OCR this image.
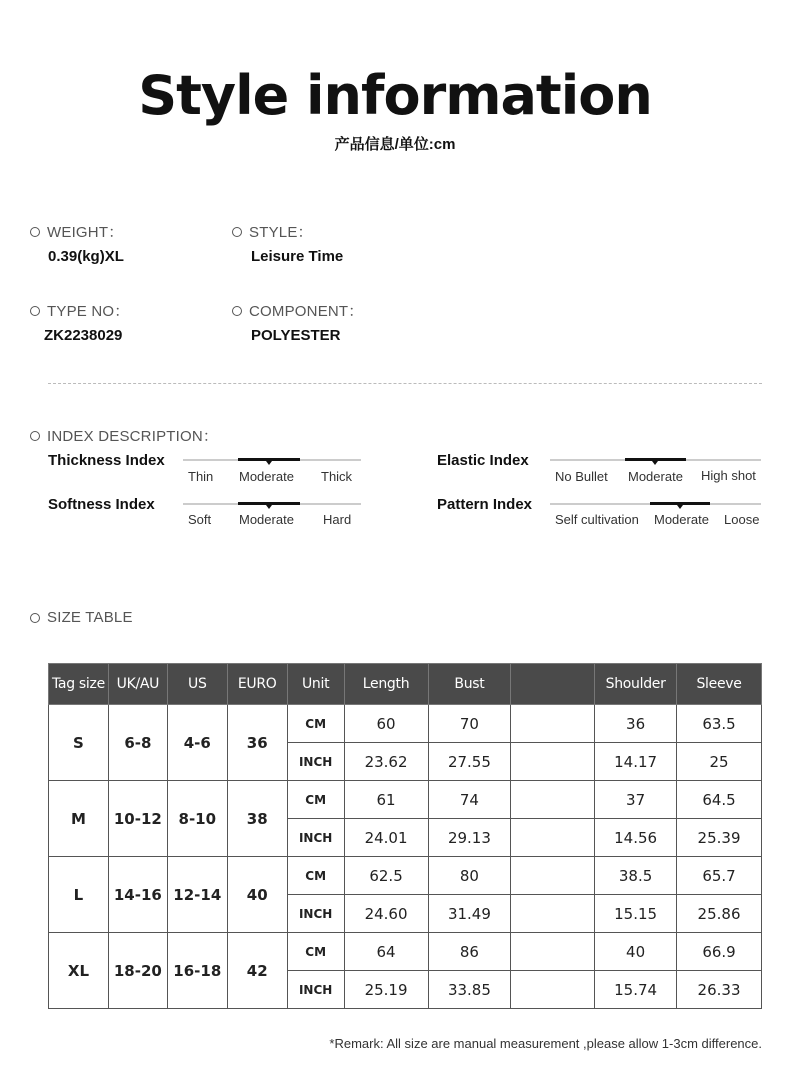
Style information
产品信息/单位:cm
WEIGHT：
0.39(kg)XL
STYLE：
Leisure Time
TYPE NO：
ZK2238029
COMPONENT：
POLYESTER
INDEX DESCRIPTION：
Thickness Index
Thin Moderate Thick
Elastic Index
No Bullet Moderate High shot
Softness Index
Soft Moderate Hard
Pattern Index
Self cultivation Moderate Loose
SIZE TABLE
Tag size	UK/AU	US	EURO	Unit	Length	Bust		Shoulder	Sleeve
S	6-8	4-6	36	CM	60	70		36	63.5
				INCH	23.62	27.55		14.17	25
M	10-12	8-10	38	CM	61	74		37	64.5
				INCH	24.01	29.13		14.56	25.39
L	14-16	12-14	40	CM	62.5	80		38.5	65.7
				INCH	24.60	31.49		15.15	25.86
XL	18-20	16-18	42	CM	64	86		40	66.9
				INCH	25.19	33.85		15.74	26.33
*Remark: All size are manual measurement ,please allow 1-3cm difference.
